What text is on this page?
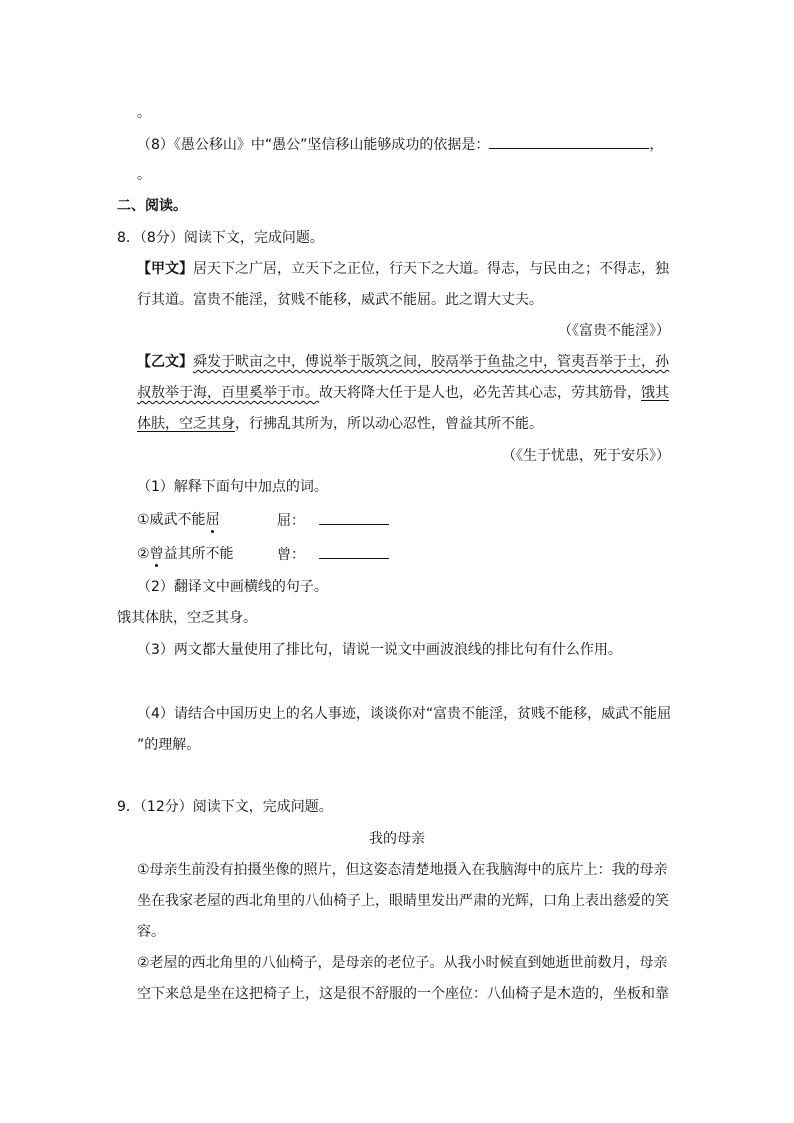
。
（8）《愚公移山》中“愚公”坚信移山能够成功的依据是：	，
。
二、阅读。
8．（8分）阅读下文，完成问题。
【甲文】居天下之广居，立天下之正位，行天下之大道。得志，与民由之；不得志，独
行其道。富贵不能淫，贫贱不能移，威武不能屈。此之谓大丈夫。
（《富贵不能淫》）
【乙文】舜发于畎亩之中，傅说举于版筑之间，胶鬲举于鱼盐之中，管夷吾举于士，孙
叔敖举于海，百里奚举于市。故天将降大任于是人也，必先苦其心志，劳其筋骨，饿其
体肤，空乏其身，行拂乱其所为，所以动心忍性，曾益其所不能。
（《生于忧患，死于安乐》）
（1）解释下面句中加点的词。
①威武不能屈	屈：
②曾益其所不能	曾：
（2）翻译文中画横线的句子。
饿其体肤，空乏其身。
（3）两文都大量使用了排比句，请说一说文中画波浪线的排比句有什么作用。
（4）请结合中国历史上的名人事迹，谈谈你对“富贵不能淫，贫贱不能移，威武不能屈
”的理解。
9．（12分）阅读下文，完成问题。
我的母亲
①母亲生前没有拍摄坐像的照片，但这姿态清楚地摄入在我脑海中的底片上：我的母亲
坐在我家老屋的西北角里的八仙椅子上，眼睛里发出严肃的光辉，口角上表出慈爱的笑
容。
②老屋的西北角里的八仙椅子，是母亲的老位子。从我小时候直到她逝世前数月，母亲
空下来总是坐在这把椅子上，这是很不舒服的一个座位：八仙椅子是木造的，坐板和靠
